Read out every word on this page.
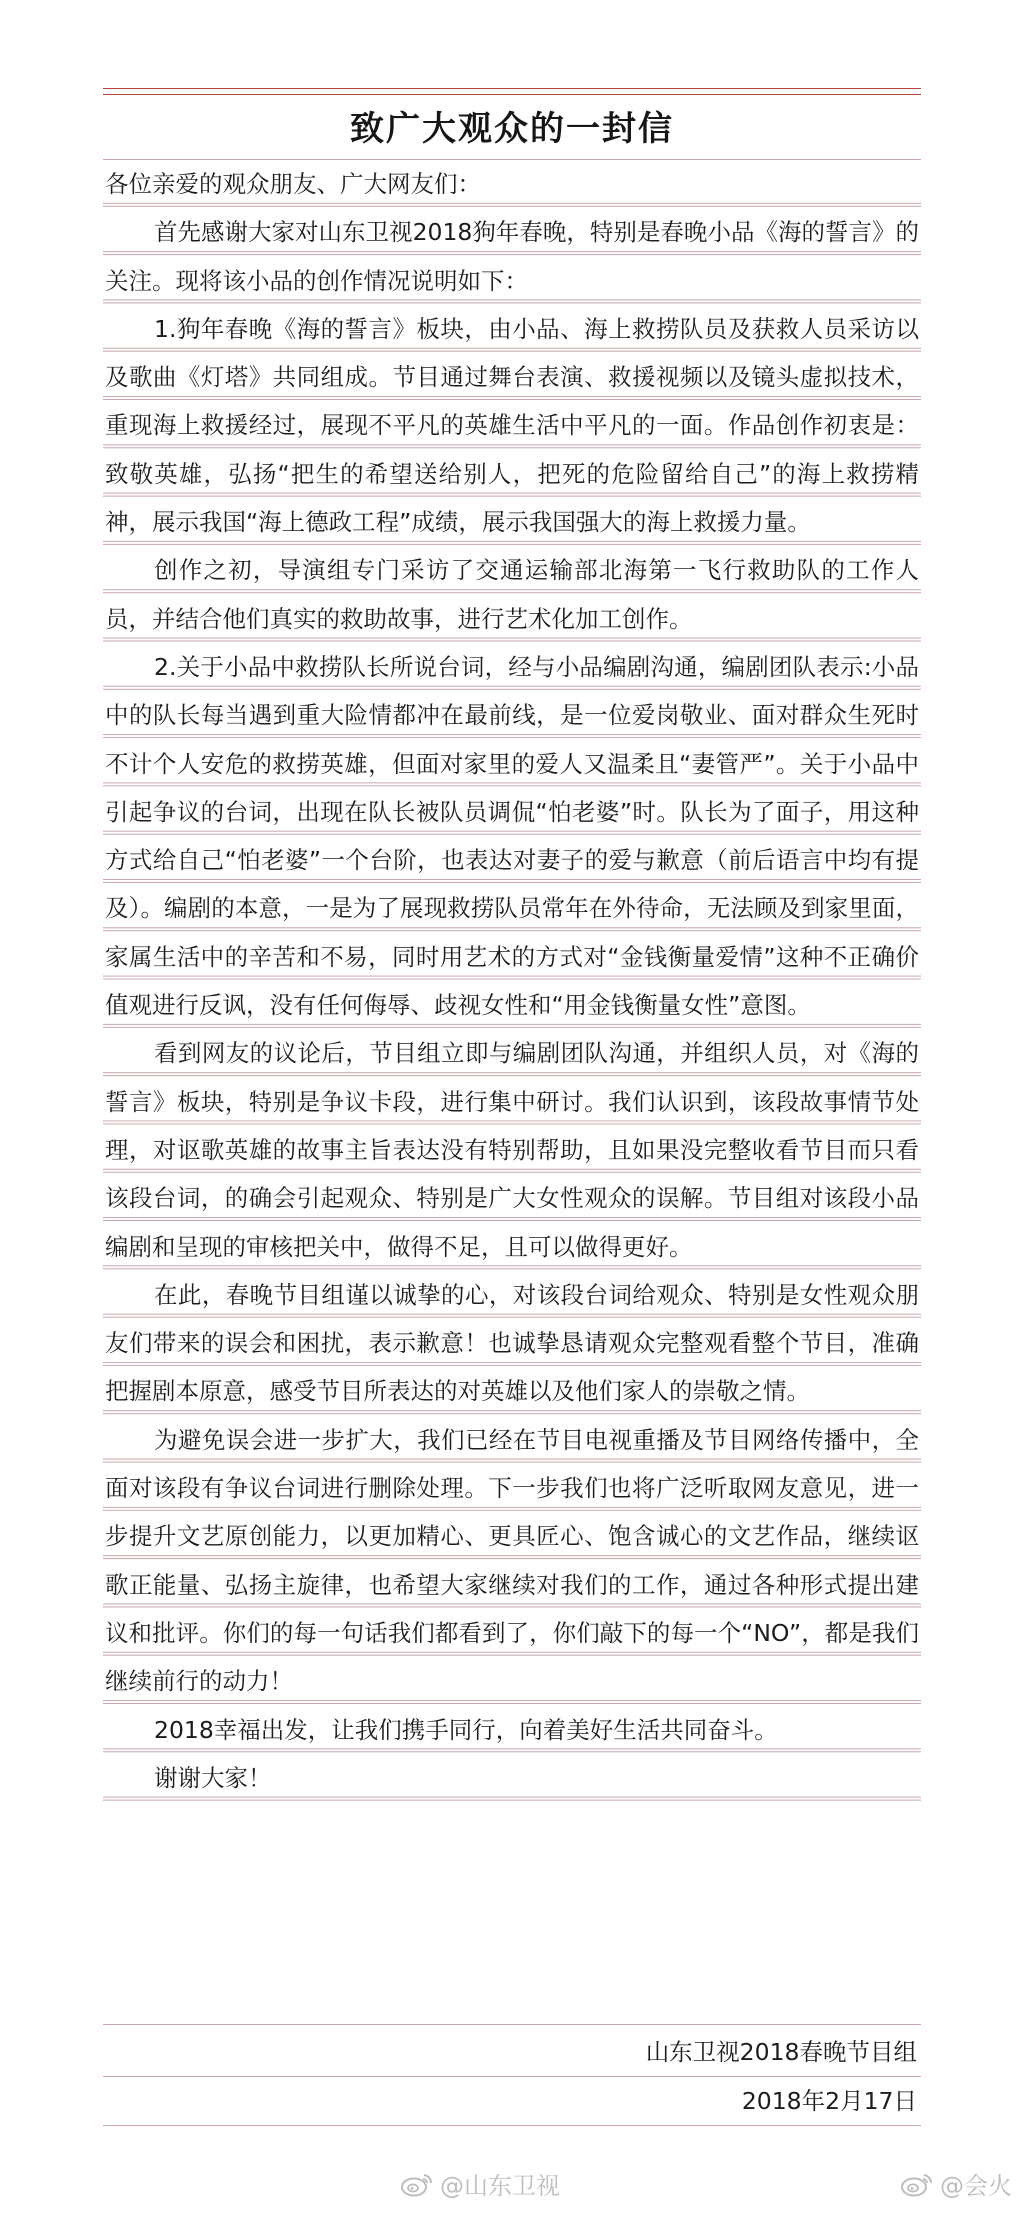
致广大观众的一封信

各位亲爱的观众朋友、广大网友们：

首先感谢大家对山东卫视2018狗年春晚，特别是春晚小品《海的誓言》的关注。现将该小品的创作情况说明如下：

1.狗年春晚《海的誓言》板块，由小品、海上救捞队员及获救人员采访以及歌曲《灯塔》共同组成。节目通过舞台表演、救援视频以及镜头虚拟技术，重现海上救援经过，展现不平凡的英雄生活中平凡的一面。作品创作初衷是：致敬英雄，弘扬“把生的希望送给别人，把死的危险留给自己”的海上救捞精神，展示我国“海上德政工程”成绩，展示我国强大的海上救援力量。

创作之初，导演组专门采访了交通运输部北海第一飞行救助队的工作人员，并结合他们真实的救助故事，进行艺术化加工创作。

2.关于小品中救捞队长所说台词，经与小品编剧沟通，编剧团队表示:小品中的队长每当遇到重大险情都冲在最前线，是一位爱岗敬业、面对群众生死时不计个人安危的救捞英雄，但面对家里的爱人又温柔且“妻管严”。关于小品中引起争议的台词，出现在队长被队员调侃“怕老婆”时。队长为了面子，用这种方式给自己“怕老婆”一个台阶，也表达对妻子的爱与歉意（前后语言中均有提及）。编剧的本意，一是为了展现救捞队员常年在外待命，无法顾及到家里面，家属生活中的辛苦和不易，同时用艺术的方式对“金钱衡量爱情”这种不正确价值观进行反讽，没有任何侮辱、歧视女性和“用金钱衡量女性”意图。

看到网友的议论后，节目组立即与编剧团队沟通，并组织人员，对《海的誓言》板块，特别是争议卡段，进行集中研讨。我们认识到，该段故事情节处理，对讴歌英雄的故事主旨表达没有特别帮助，且如果没完整收看节目而只看该段台词，的确会引起观众、特别是广大女性观众的误解。节目组对该段小品编剧和呈现的审核把关中，做得不足，且可以做得更好。

在此，春晚节目组谨以诚挚的心，对该段台词给观众、特别是女性观众朋友们带来的误会和困扰，表示歉意！也诚挚恳请观众完整观看整个节目，准确把握剧本原意，感受节目所表达的对英雄以及他们家人的崇敬之情。

为避免误会进一步扩大，我们已经在节目电视重播及节目网络传播中，全面对该段有争议台词进行删除处理。下一步我们也将广泛听取网友意见，进一步提升文艺原创能力，以更加精心、更具匠心、饱含诚心的文艺作品，继续讴歌正能量、弘扬主旋律，也希望大家继续对我们的工作，通过各种形式提出建议和批评。你们的每一句话我们都看到了，你们敲下的每一个“NO”，都是我们继续前行的动力！

2018幸福出发，让我们携手同行，向着美好生活共同奋斗。

谢谢大家！

山东卫视2018春晚节目组
2018年2月17日
@山东卫视	@会火
